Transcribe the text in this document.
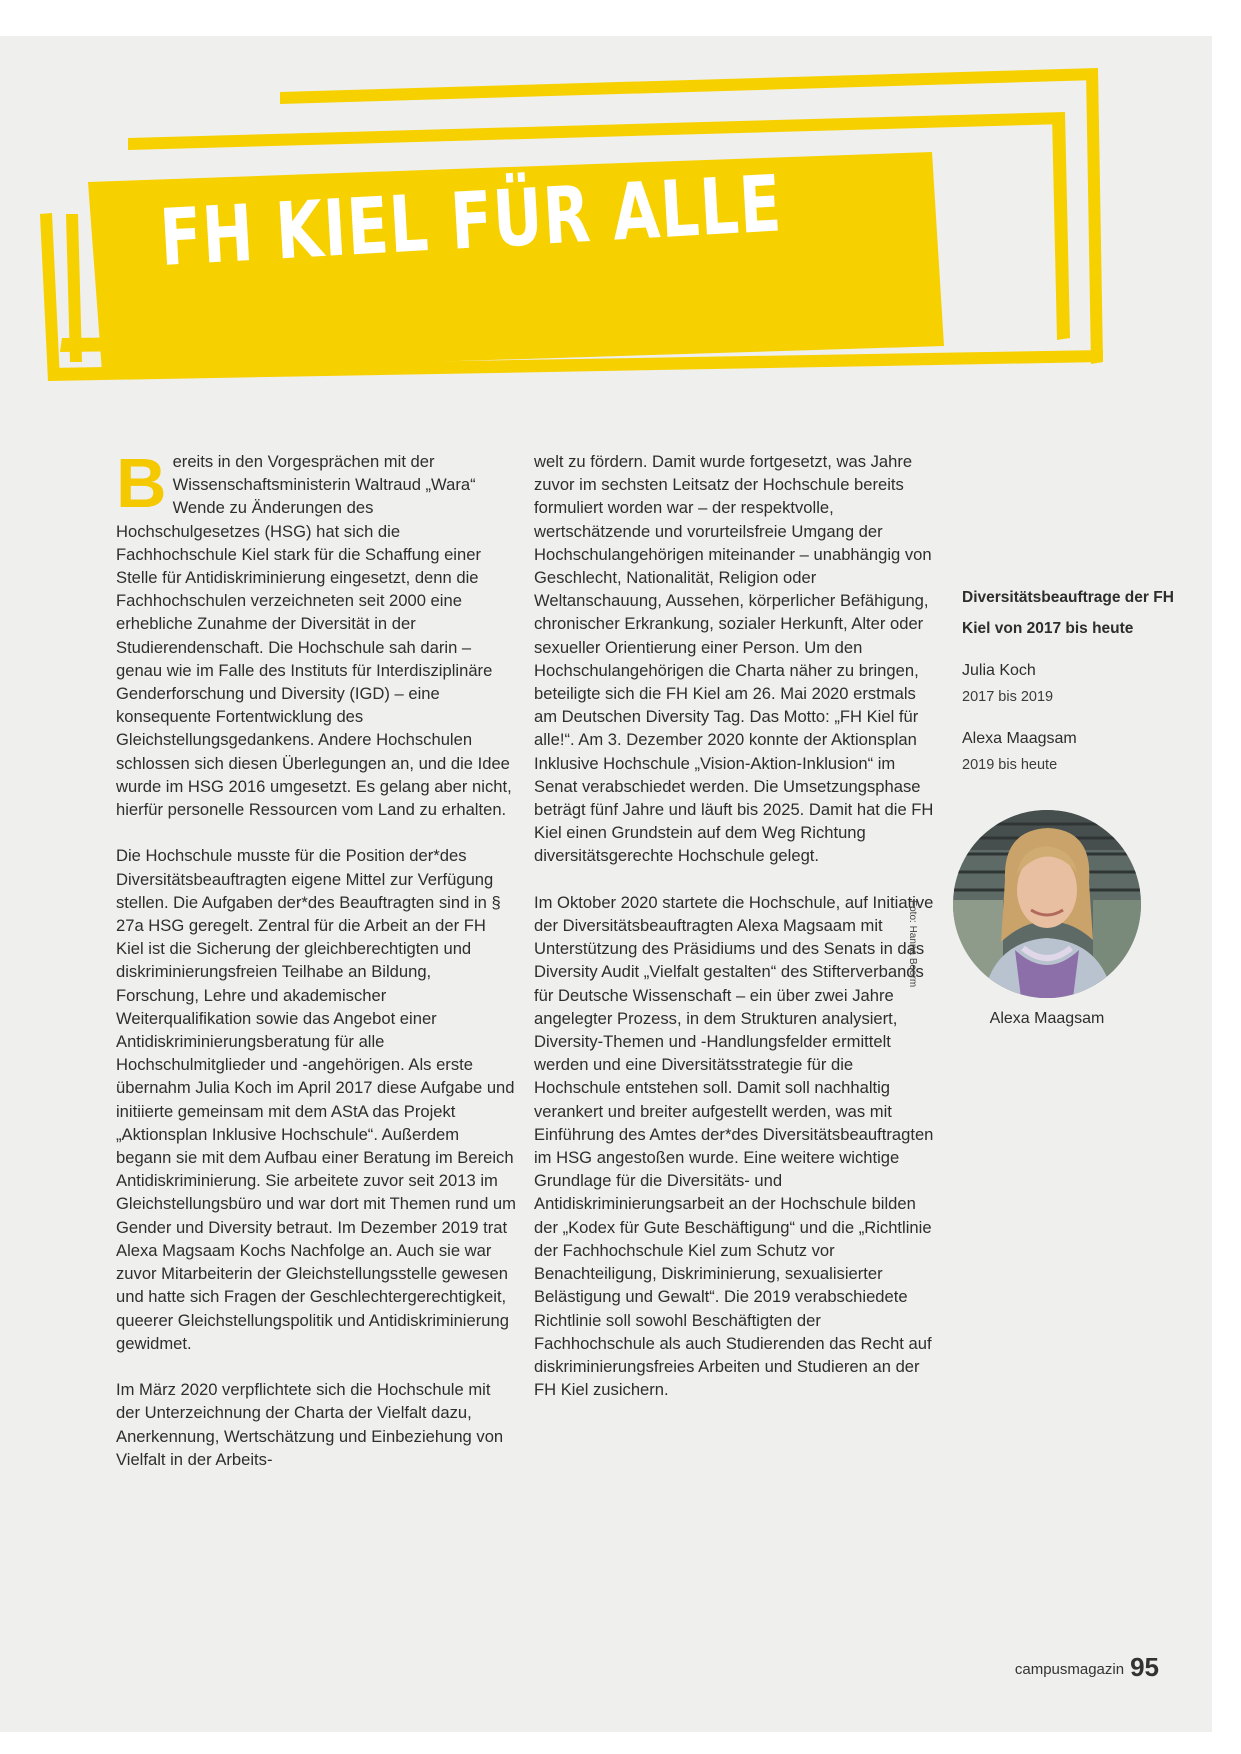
FH KIEL FÜR ALLE

Bereits in den Vorgesprächen mit der Wissenschaftsministerin Waltraud „Wara“ Wende zu Änderungen des Hochschulgesetzes (HSG) hat sich die Fachhochschule Kiel stark für die Schaffung einer Stelle für Antidiskriminierung eingesetzt, denn die Fachhochschulen verzeichneten seit 2000 eine erhebliche Zunahme der Diversität in der Studierendenschaft. Die Hochschule sah darin – genau wie im Falle des Instituts für Interdisziplinäre Genderforschung und Diversity (IGD) – eine konsequente Fortentwicklung des Gleichstellungsgedankens. Andere Hochschulen schlossen sich diesen Überlegungen an, und die Idee wurde im HSG 2016 umgesetzt. Es gelang aber nicht, hierfür personelle Ressourcen vom Land zu erhalten.

Die Hochschule musste für die Position der*des Diversitätsbeauftragten eigene Mittel zur Verfügung stellen. Die Aufgaben der*des Beauftragten sind in § 27a HSG geregelt. Zentral für die Arbeit an der FH Kiel ist die Sicherung der gleichberechtigten und diskriminierungsfreien Teilhabe an Bildung, Forschung, Lehre und akademischer Weiterqualifikation sowie das Angebot einer Antidiskriminierungsberatung für alle Hochschulmitglieder und -angehörigen. Als erste übernahm Julia Koch im April 2017 diese Aufgabe und initiierte gemeinsam mit dem AStA das Projekt „Aktionsplan Inklusive Hochschule“. Außerdem begann sie mit dem Aufbau einer Beratung im Bereich Antidiskriminierung. Sie arbeitete zuvor seit 2013 im Gleichstellungsbüro und war dort mit Themen rund um Gender und Diversity betraut. Im Dezember 2019 trat Alexa Magsaam Kochs Nachfolge an. Auch sie war zuvor Mitarbeiterin der Gleichstellungsstelle gewesen und hatte sich Fragen der Geschlechtergerechtigkeit, queerer Gleichstellungspolitik und Antidiskriminierung gewidmet.

Im März 2020 verpflichtete sich die Hochschule mit der Unterzeichnung der Charta der Vielfalt dazu, Anerkennung, Wertschätzung und Einbeziehung von Vielfalt in der Arbeits-

welt zu fördern. Damit wurde fortgesetzt, was Jahre zuvor im sechsten Leitsatz der Hochschule bereits formuliert worden war – der respektvolle, wertschätzende und vorurteilsfreie Umgang der Hochschulangehörigen miteinander – unabhängig von Geschlecht, Nationalität, Religion oder Weltanschauung, Aussehen, körperlicher Befähigung, chronischer Erkrankung, sozialer Herkunft, Alter oder sexueller Orientierung einer Person. Um den Hochschulangehörigen die Charta näher zu bringen, beteiligte sich die FH Kiel am 26. Mai 2020 erstmals am Deutschen Diversity Tag. Das Motto: „FH Kiel für alle!“. Am 3. Dezember 2020 konnte der Aktionsplan Inklusive Hochschule „Vision-Aktion-Inklusion“ im Senat verabschiedet werden. Die Umsetzungsphase beträgt fünf Jahre und läuft bis 2025. Damit hat die FH Kiel einen Grundstein auf dem Weg Richtung diversitätsgerechte Hochschule gelegt.

Im Oktober 2020 startete die Hochschule, auf Initiative der Diversitätsbeauftragten Alexa Magsaam mit Unterstützung des Präsidiums und des Senats in das Diversity Audit „Vielfalt gestalten“ des Stifterverbands für Deutsche Wissenschaft – ein über zwei Jahre angelegter Prozess, in dem Strukturen analysiert, Diversity-Themen und -Handlungsfelder ermittelt werden und eine Diversitätsstrategie für die Hochschule entstehen soll. Damit soll nachhaltig verankert und breiter aufgestellt werden, was mit Einführung des Amtes der*des Diversitätsbeauftragten im HSG angestoßen wurde. Eine weitere wichtige Grundlage für die Diversitäts- und Antidiskriminierungsarbeit an der Hochschule bilden der „Kodex für Gute Beschäftigung“ und die „Richtlinie der Fachhochschule Kiel zum Schutz vor Benachteiligung, Diskriminierung, sexualisierter Belästigung und Gewalt“. Die 2019 verabschiedete Richtlinie soll sowohl Beschäftigten der Fachhochschule als auch Studierenden das Recht auf diskriminierungsfreies Arbeiten und Studieren an der FH Kiel zusichern.

Diversitätsbeauftrage der FH Kiel von 2017 bis heute

Julia Koch

2017 bis 2019

Alexa Maagsam

2019 bis heute

Foto: Hanna Boerm
Alexa Maagsam
campusmagazin 95
